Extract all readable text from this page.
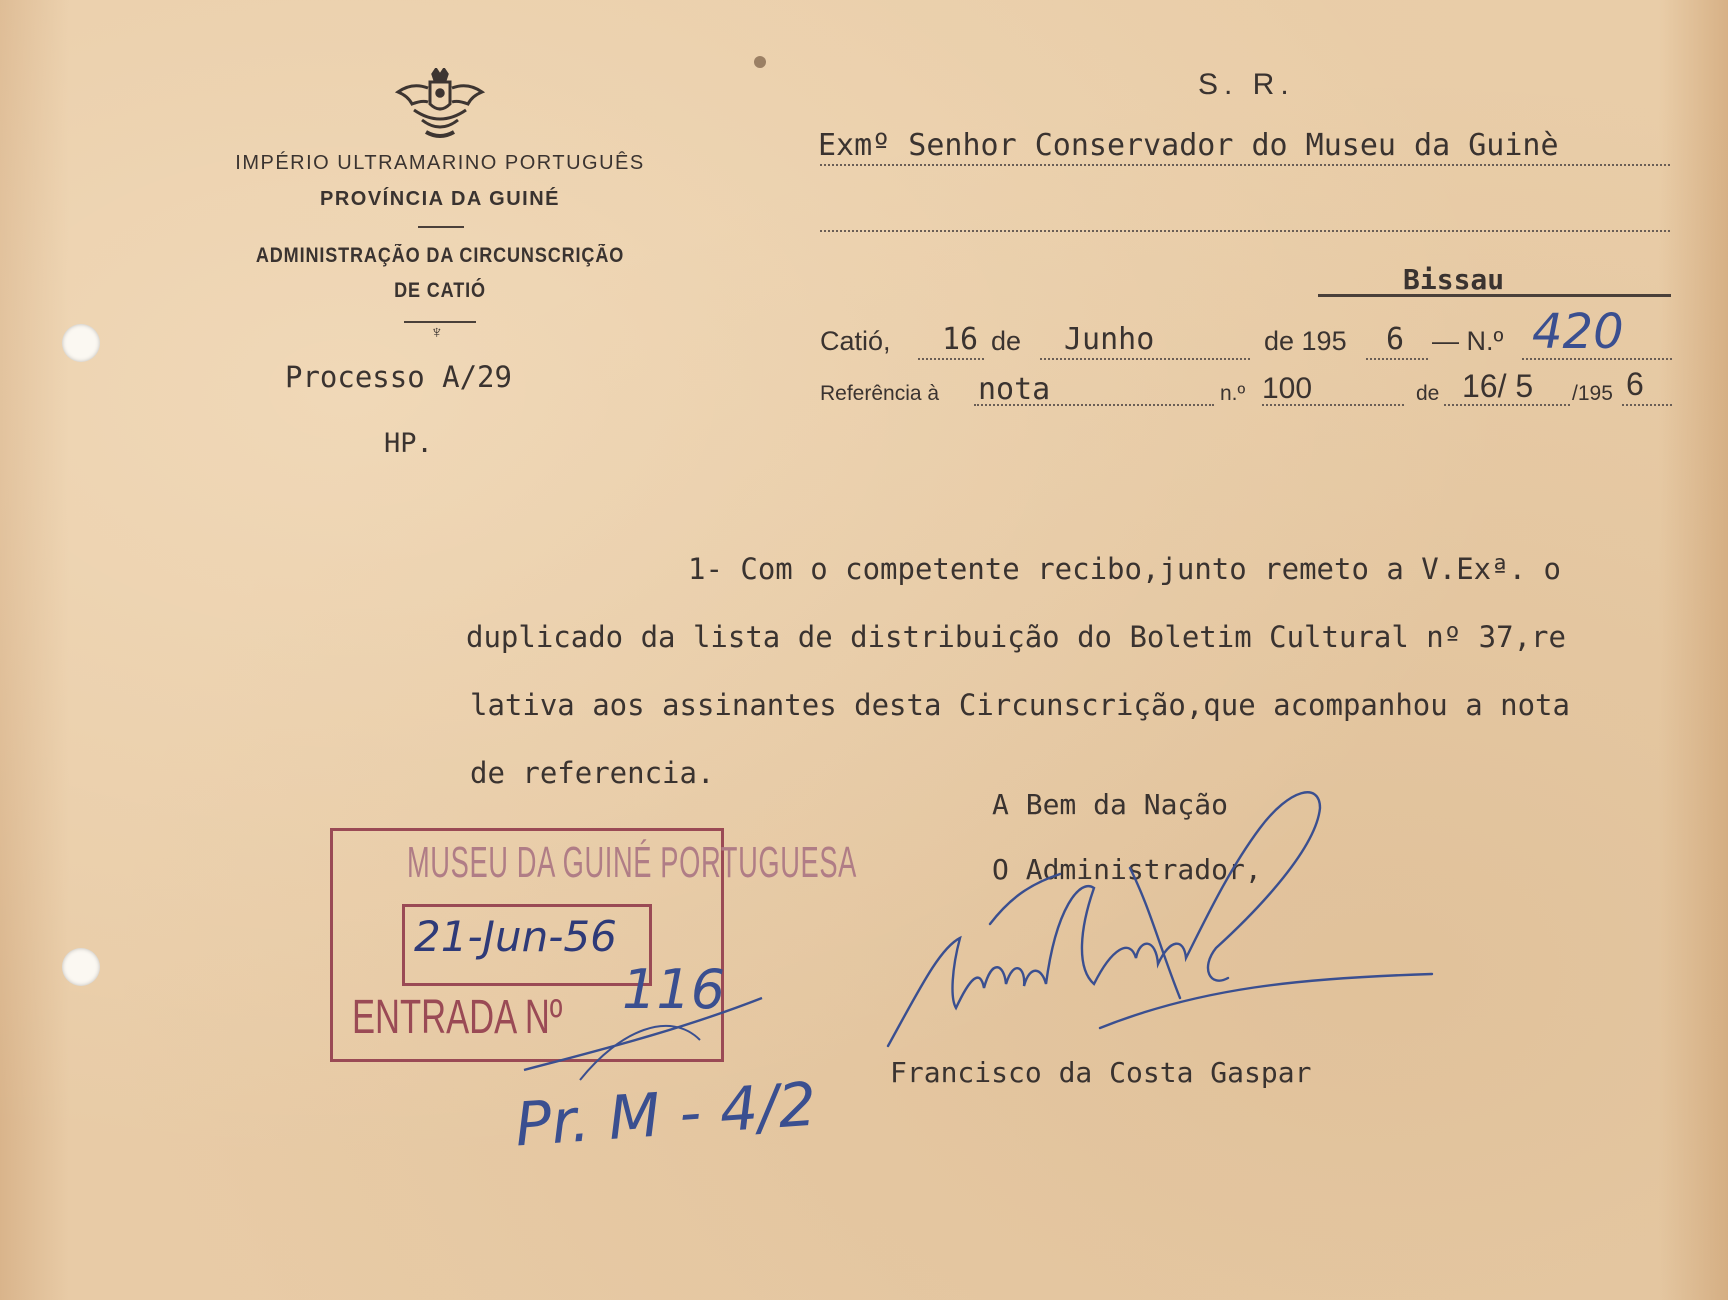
IMPÉRIO ULTRAMARINO PORTUGUÊS
PROVÍNCIA DA GUINÉ
ADMINISTRAÇÃO DA CIRCUNSCRIÇÃO
DE CATIÓ
♆
Processo A/29
HP.
S. R.
Exmº Senhor Conservador do Museu da Guinè
Bissau
Catió, 16 de Junho	de 195 6 — N.º 420
Referência à nota	n.º 100	de 16/ 5 /195 6
1- Com o competente recibo,junto remeto a V.Exª. o
duplicado da lista de distribuição do Boletim Cultural nº 37,re
lativa aos assinantes desta Circunscrição,que acompanhou a nota
de referencia.
A Bem da Nação
O Administrador,
Francisco da Costa Gaspar
MUSEU DA GUINÉ PORTUGUESA
21-Jun-56
ENTRADA Nº 116
Pr. M - 4/2
